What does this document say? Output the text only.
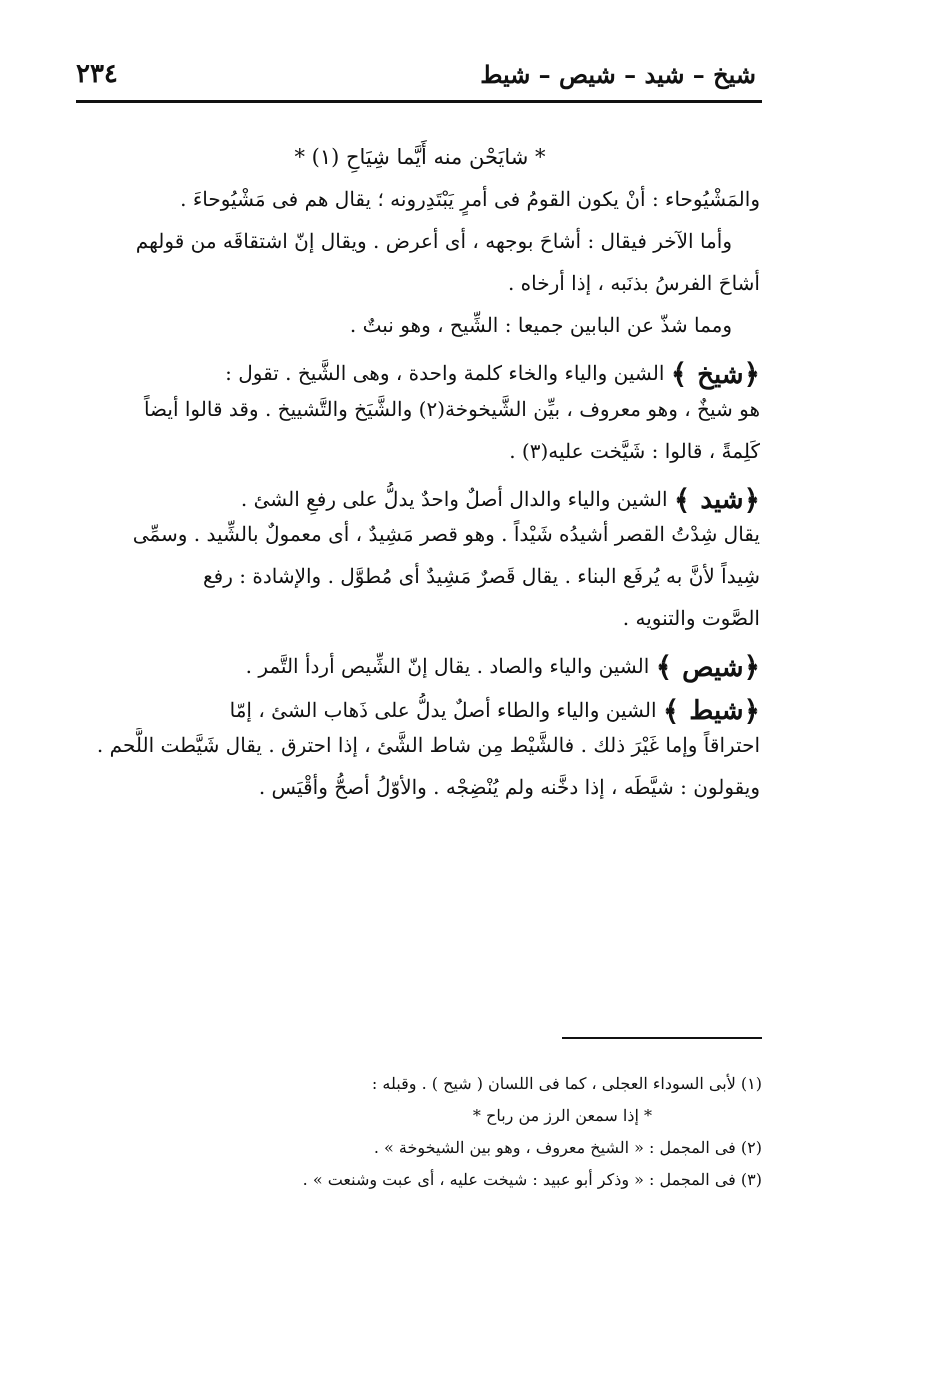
شيخ – شيد – شيص – شيط
٢٣٤
* شايَحْن منه أَيَّما شِيَاحِ (١) *
والمَشْيُوحاء : أنْ يكون القومُ فى أمرٍ يَبْتَدِرونه ؛ يقال هم فى مَشْيُوحاءَ .
وأما الآخر فيقال : أشاحَ بوجهه ، أى أعرض . ويقال إنّ اشتقاقَه من قولهم
أشاحَ الفرسُ بذنَبه ، إذا أرخاه .
ومما شذّ عن البابين جميعا : الشِّيح ، وهو نبتٌ .
﴿شيخ﴾ الشين والياء والخاء كلمة واحدة ، وهى الشَّيخ . تقول :
هو شيخٌ ، وهو معروف ، بيِّن الشَّيخوخة(٢) والشَّيَخ والتَّشييخ . وقد قالوا أيضاً
كَلِمةً ، قالوا : شَيَّخت عليه(٣) .
﴿شيد﴾ الشين والياء والدال أصلٌ واحدٌ يدلُّ على رفعِ الشئ .
يقال شِدْتُ القصر أشيدُه شَيْداً . وهو قصر مَشِيدٌ ، أى معمولٌ بالشِّيد . وسمِّى
شِيداً لأنَّ به يُرفَع البناء . يقال قَصرٌ مَشِيدٌ أى مُطوَّل . والإشادة : رفع
الصَّوت والتنويه .
﴿شيص﴾ الشين والياء والصاد . يقال إنّ الشِّيص أردأ التَّمر .
﴿شيط﴾ الشين والياء والطاء أصلٌ يدلُّ على ذَهاب الشئ ، إمّا
احتراقاً وإما غَيْرَ ذلك . فالشَّيْط مِن شاط الشَّئ ، إذا احترق . يقال شَيَّطت اللَّحم .
ويقولون : شيَّطَه ، إذا دخَّنه ولم يُنْضِجْه . والأوّلُ أصحُّ وأقْيَس .
(١) لأبى السوداء العجلى ، كما فى اللسان ( شيح ) . وقبله :
* إذا سمعن الرز من رباح *
(٢) فى المجمل : « الشيخ معروف ، وهو بين الشيخوخة » .
(٣) فى المجمل : « وذكر أبو عبيد : شيخت عليه ، أى عبت وشنعت » .
